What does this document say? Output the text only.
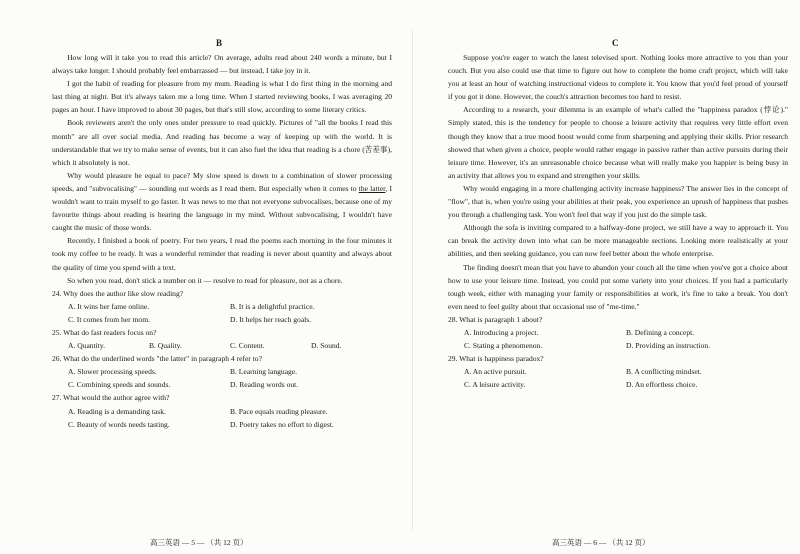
B	C

How long will it take you to read this article? On average, adults read about 240 words a minute, but I always take longer. I should probably feel embarrassed — but instead, I take joy in it.

I got the habit of reading for pleasure from my mum. Reading is what I do first thing in the morning and last thing at night. But it's always taken me a long time. When I started reviewing books, I was averaging 20 pages an hour. I have improved to about 30 pages, but that's still slow, according to some literary critics.

Book reviewers aren't the only ones under pressure to read quickly. Pictures of "all the books I read this month" are all over social media. And reading has become a way of keeping up with the world. It is understandable that we try to make sense of events, but it can also fuel the idea that reading is a chore (苦差事), which it absolutely is not.

Why would pleasure be equal to pace? My slow speed is down to a combination of slower processing speeds, and "subvocalising" — sounding out words as I read them. But especially when it comes to the latter, I wouldn't want to train myself to go faster. It was news to me that not everyone subvocalises, because one of my favourite things about reading is hearing the language in my mind. Without subvocalising, I wouldn't have caught the music of those words.

Recently, I finished a book of poetry. For two years, I read the poems each morning in the four minutes it took my coffee to be ready. It was a wonderful reminder that reading is never about quantity and always about the quality of time you spend with a text.

So when you read, don't stick a number on it — resolve to read for pleasure, not as a chore.

24. Why does the author like slow reading?

A. It wins her fame online.	B. It is a delightful practice.
C. It comes from her mom.	D. It helps her reach goals.

25. What do fast readers focus on?

A. Quantity.	B. Quality.	C. Content.	D. Sound.

26. What do the underlined words "the latter" in paragraph 4 refer to?

A. Slower processing speeds.	B. Learning language.
C. Combining speeds and sounds.	D. Reading words out.

27. What would the author agree with?

A. Reading is a demanding task.	B. Pace equals reading pleasure.
C. Beauty of words needs tasting.	D. Poetry takes no effort to digest.
高三英语 — 5 — （共 12 页）

Suppose you're eager to watch the latest televised sport. Nothing looks more attractive to you than your couch. But you also could use that time to figure out how to complete the home craft project, which will take you at least an hour of watching instructional videos to complete it. You know that you'd feel proud of yourself if you got it done. However, the couch's attraction becomes too hard to resist.

According to a research, your dilemma is an example of what's called the "happiness paradox (悖论)." Simply stated, this is the tendency for people to choose a leisure activity that requires very little effort even though they know that a true mood boost would come from sharpening and applying their skills. Prior research showed that when given a choice, people would rather engage in passive rather than active pursuits during their leisure time. However, it's an unreasonable choice because what will really make you happier is being busy in an activity that allows you to expand and strengthen your skills.

Why would engaging in a more challenging activity increase happiness? The answer lies in the concept of "flow", that is, when you're using your abilities at their peak, you experience an uprush of happiness that pushes you through a challenging task. You won't feel that way if you just do the simple task.

Although the sofa is inviting compared to a halfway-done project, we still have a way to approach it. You can break the activity down into what can be more manageable sections. Looking more realistically at your abilities, and then seeking guidance, you can now feel better about the whole enterprise.

The finding doesn't mean that you have to abandon your couch all the time when you've got a choice about how to use your leisure time. Instead, you could put some variety into your choices. If you had a particularly tough week, either with managing your family or responsibilities at work, it's fine to take a break. You don't even need to feel guilty about that occasional use of "me-time."

28. What is paragraph 1 about?

A. Introducing a project.	B. Defining a concept.
C. Stating a phenomenon.	D. Providing an instruction.

29. What is happiness paradox?

A. An active pursuit.	B. A conflicting mindset.
C. A leisure activity.	D. An effortless choice.
高三英语 — 6 — （共 12 页）
